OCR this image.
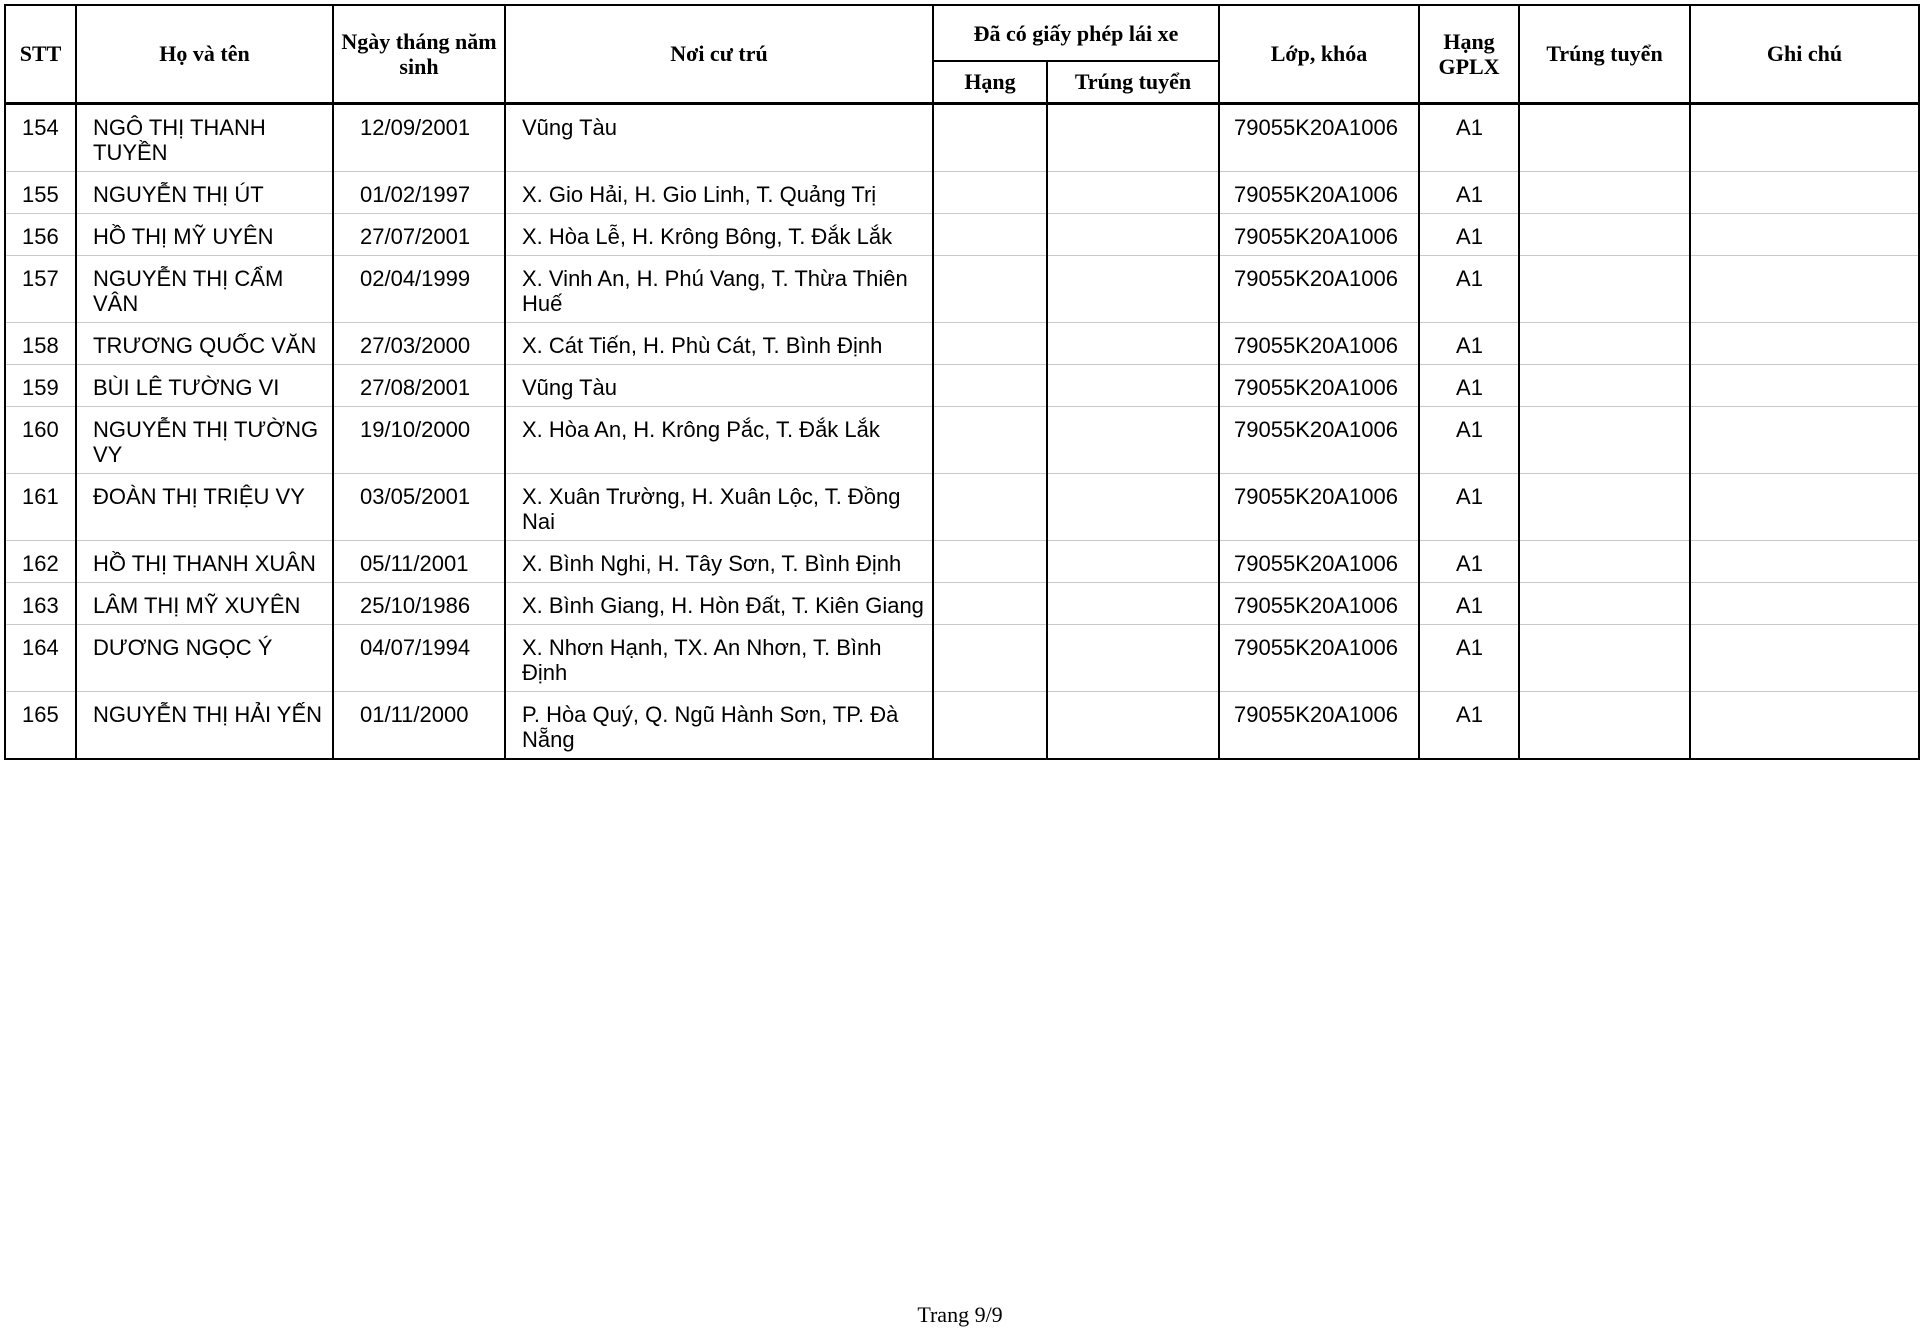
STT	Họ và tên	Ngày tháng năm sinh	Nơi cư trú	Đã có giấy phép lái xe		Lớp, khóa	Hạng GPLX	Trúng tuyển	Ghi chú
				Hạng	Trúng tuyển				
154	NGÔ THỊ THANH TUYỀN	12/09/2001	Vũng Tàu			79055K20A1006	A1		
155	NGUYỄN THỊ ÚT	01/02/1997	X. Gio Hải, H. Gio Linh, T. Quảng Trị			79055K20A1006	A1		
156	HỒ THỊ MỸ UYÊN	27/07/2001	X. Hòa Lễ, H. Krông Bông, T. Đắk Lắk			79055K20A1006	A1		
157	NGUYỄN THỊ CẨM VÂN	02/04/1999	X. Vinh An, H. Phú Vang, T. Thừa Thiên Huế			79055K20A1006	A1		
158	TRƯƠNG QUỐC VĂN	27/03/2000	X. Cát Tiến, H. Phù Cát, T. Bình Định			79055K20A1006	A1		
159	BÙI LÊ TƯỜNG VI	27/08/2001	Vũng Tàu			79055K20A1006	A1		
160	NGUYỄN THỊ TƯỜNG VY	19/10/2000	X. Hòa An, H. Krông Pắc, T. Đắk Lắk			79055K20A1006	A1		
161	ĐOÀN THỊ TRIỆU VY	03/05/2001	X. Xuân Trường, H. Xuân Lộc, T. Đồng Nai			79055K20A1006	A1		
162	HỒ THỊ THANH XUÂN	05/11/2001	X. Bình Nghi, H. Tây Sơn, T. Bình Định			79055K20A1006	A1		
163	LÂM THỊ MỸ XUYÊN	25/10/1986	X. Bình Giang, H. Hòn Đất, T. Kiên Giang			79055K20A1006	A1		
164	DƯƠNG NGỌC Ý	04/07/1994	X. Nhơn Hạnh, TX. An Nhơn, T. Bình Định			79055K20A1006	A1		
165	NGUYỄN THỊ HẢI YẾN	01/11/2000	P. Hòa Quý, Q. Ngũ Hành Sơn, TP. Đà Nẵng			79055K20A1006	A1		
Trang 9/9
